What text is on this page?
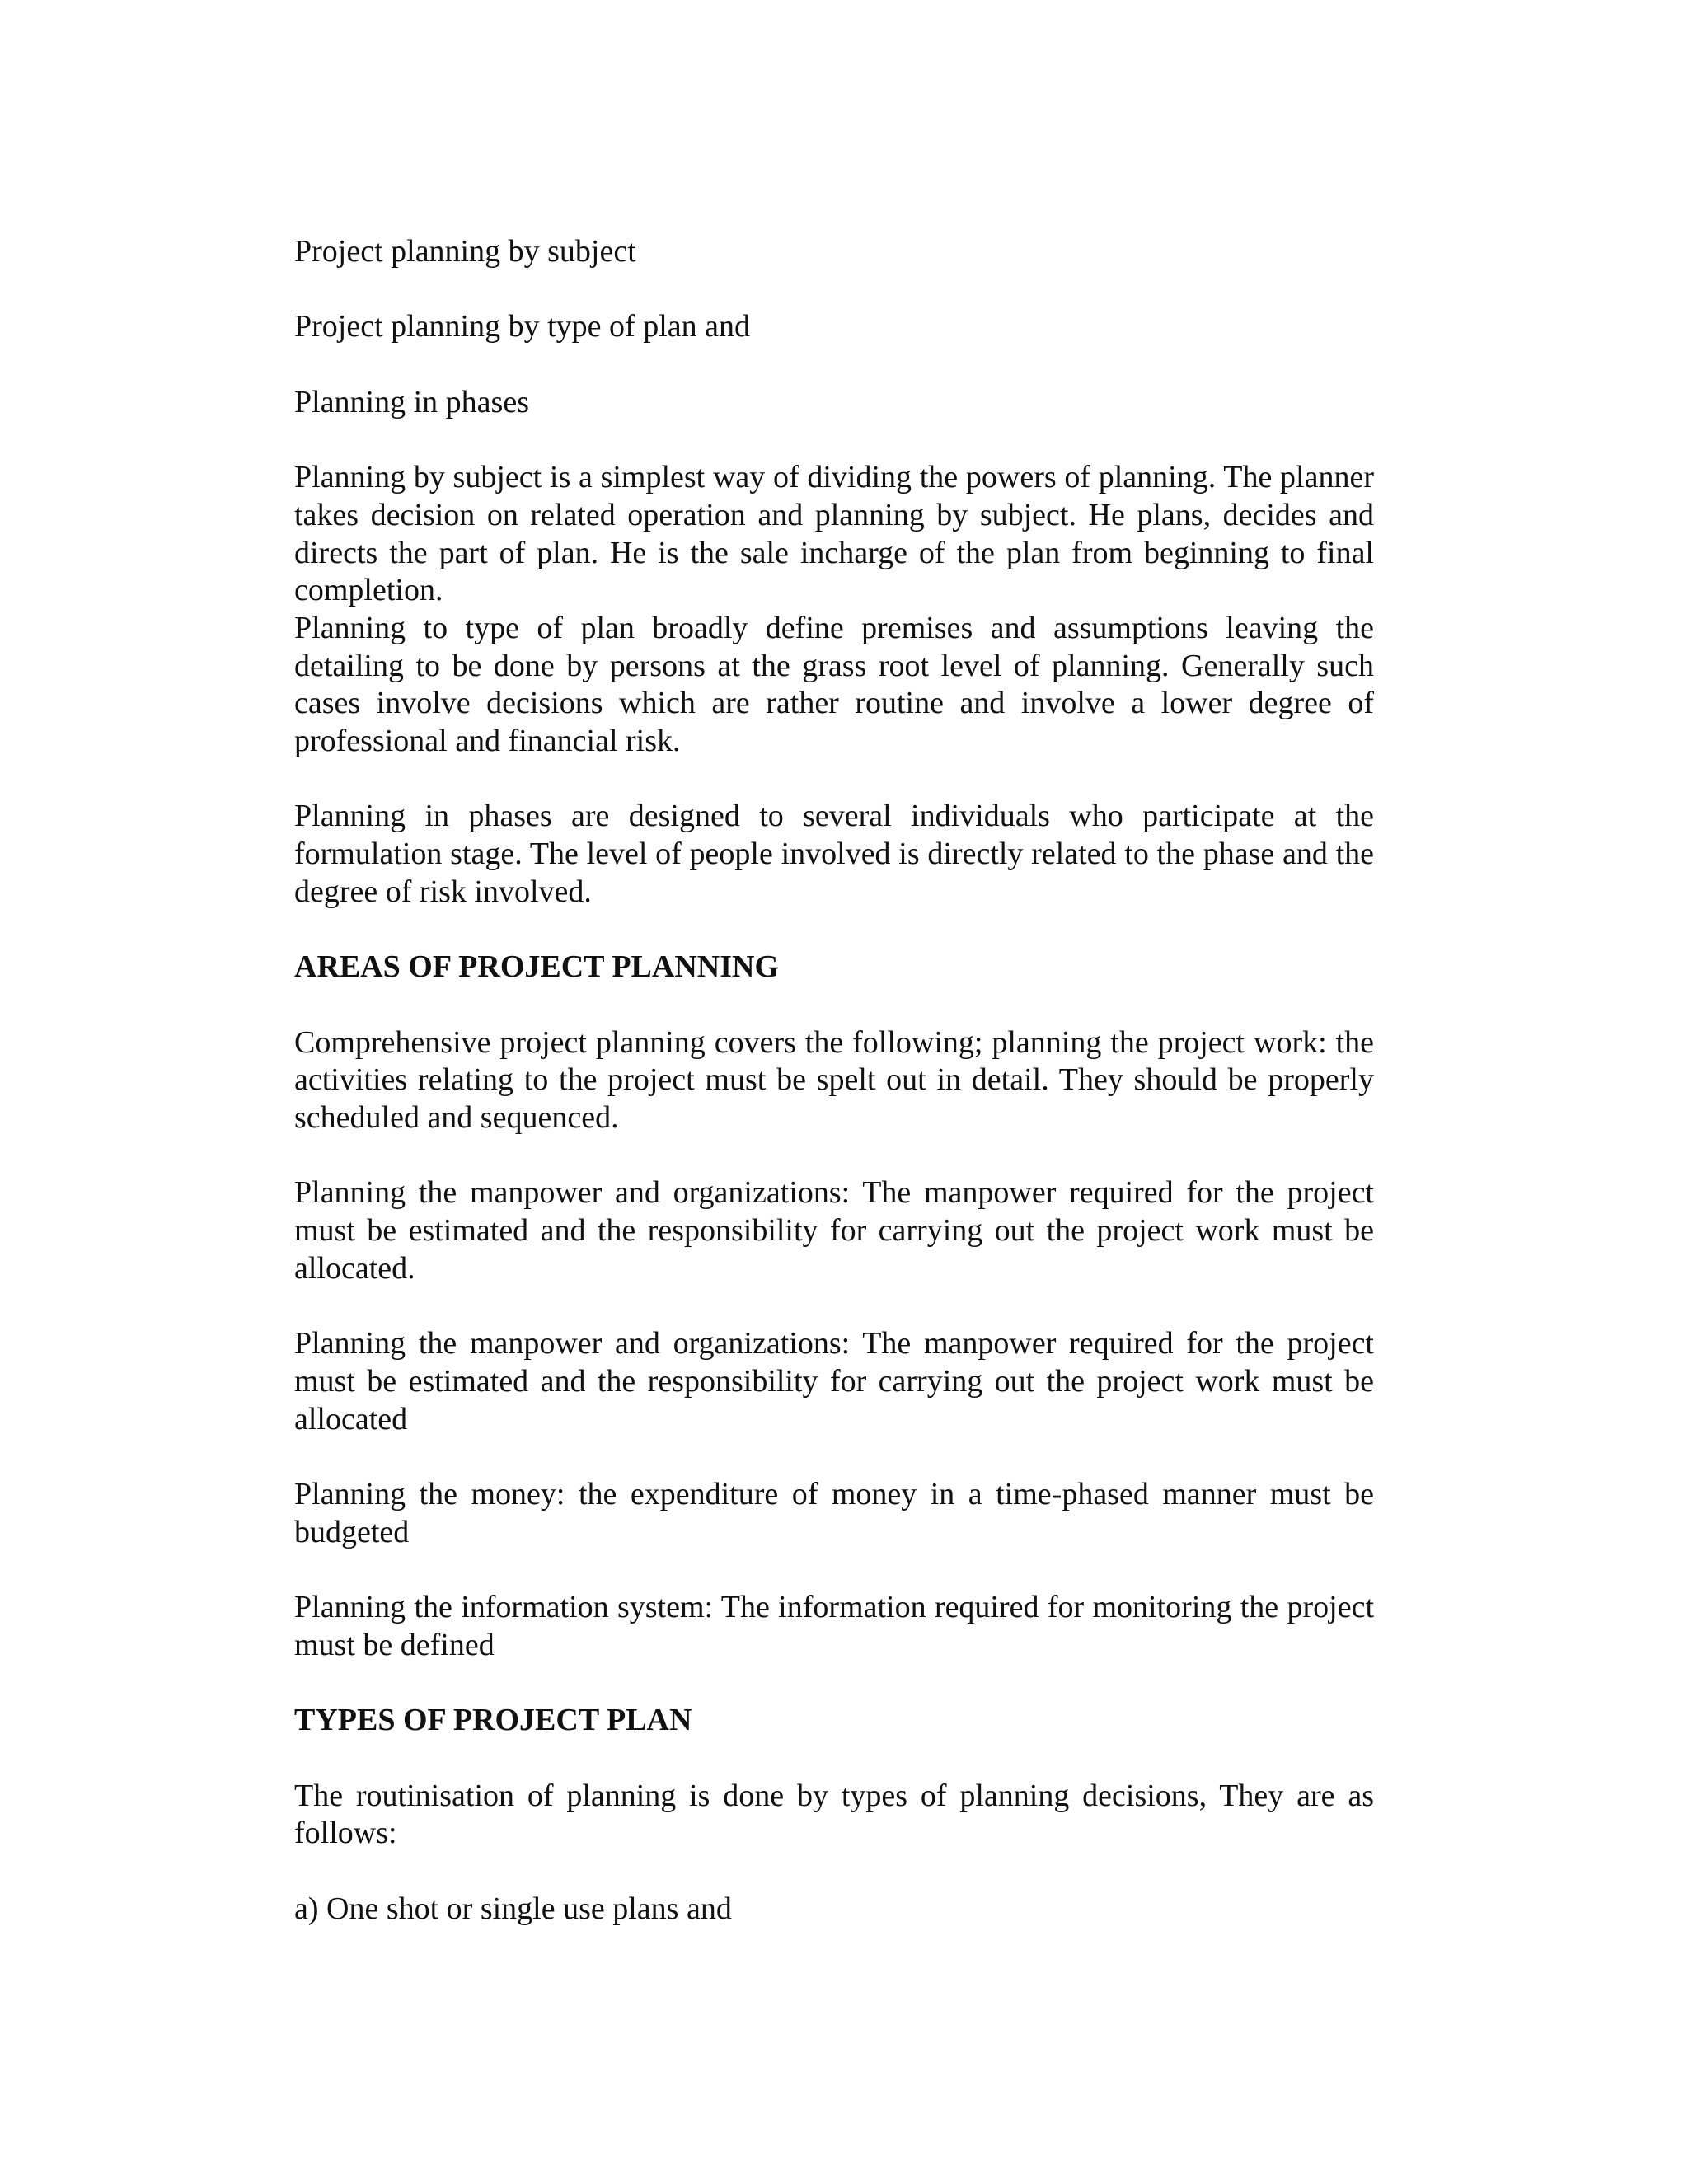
Project planning by subject

Project planning by type of plan and

Planning in phases

Planning by subject is a simplest way of dividing the powers of planning. The planner takes decision on related operation and planning by subject. He plans, decides and directs the part of plan. He is the sale incharge of the plan from beginning to final completion.

Planning to type of plan broadly define premises and assumptions leaving the detailing to be done by persons at the grass root level of planning. Generally such cases involve decisions which are rather routine and involve a lower degree of professional and financial risk.

Planning in phases are designed to several individuals who participate at the formulation stage. The level of people involved is directly related to the phase and the degree of risk involved.

AREAS OF PROJECT PLANNING

Comprehensive project planning covers the following; planning the project work: the activities relating to the project must be spelt out in detail. They should be properly scheduled and sequenced.

Planning the manpower and organizations: The manpower required for the project must be estimated and the responsibility for carrying out the project work must be allocated.

Planning the manpower and organizations: The manpower required for the project must be estimated and the responsibility for carrying out the project work must be allocated

Planning the money: the expenditure of money in a time-phased manner must be budgeted

Planning the information system: The information required for monitoring the project must be defined

TYPES OF PROJECT PLAN

The routinisation of planning is done by types of planning decisions, They are as follows:

a) One shot or single use plans and
